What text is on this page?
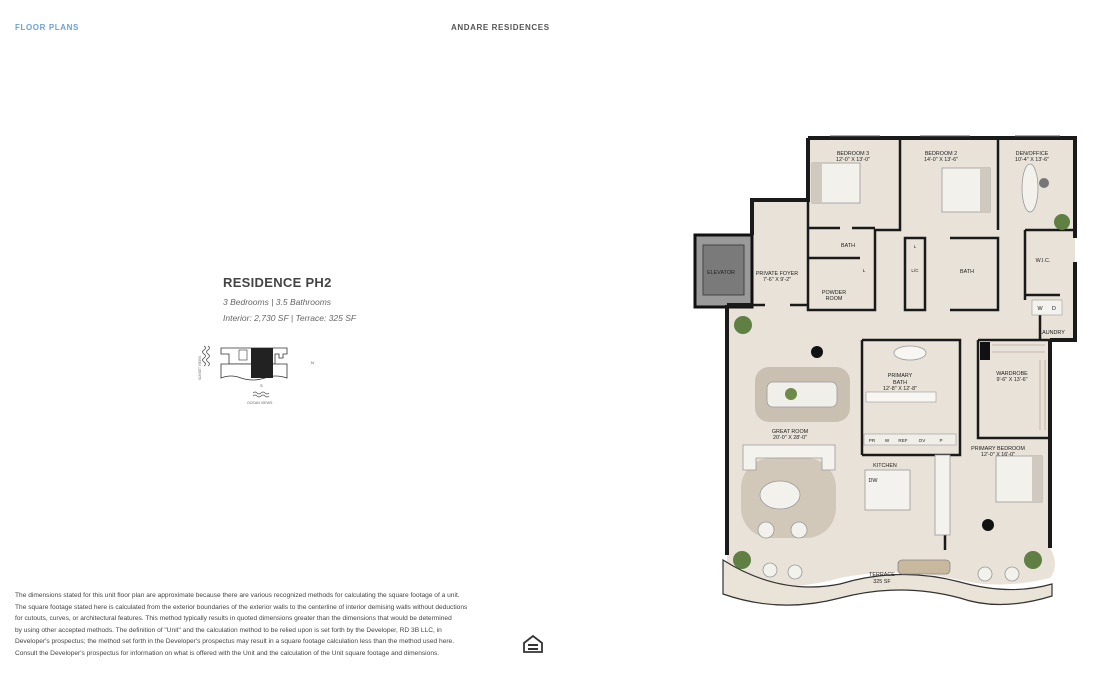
FLOOR PLANS	ANDARE RESIDENCES
RESIDENCE PH2
3 Bedrooms | 3.5 Bathrooms
Interior: 2,730 SF | Terrace: 325 SF
SUNSET VIEWS	N
S
OCEAN VIEWS
BEDROOM 3
12'-0" X 13'-0"
BEDROOM 2
14'-0" X 13'-6"
DEN/OFFICE
10'-4" X 13'-6"
BATH
BATH
POWDER
ROOM
ELEVATOR	PRIVATE FOYER
7'-6" X 9'-2"
W.I.C.
LAUNDRY
W D
WARDROBE
9'-6" X 13'-6"
PRIMARY
BATH
12'-8" X 12'-8"
GREAT ROOM
20'-0" X 28'-0"
KITCHEN
DW
PRIMARY BEDROOM
12'-0" X 16'-0"
TERRACE
325 SF
PR W REF OV	P
L
L
L/C
The dimensions stated for this unit floor plan are approximate because there are various recognized methods for calculating the square footage of a unit.
The square footage stated here is calculated from the exterior boundaries of the exterior walls to the centerline of interior demising walls without deductions
for cutouts, curves, or architectural features. This method typically results in quoted dimensions greater than the dimensions that would be determined
by using other accepted methods. The definition of "Unit" and the calculation method to be relied upon is set forth by the Developer, RD 3B LLC, in
Developer's prospectus; the method set forth in the Developer's prospectus may result in a square footage calculation less than the method used here.
Consult the Developer's prospectus for information on what is offered with the Unit and the calculation of the Unit square footage and dimensions.
